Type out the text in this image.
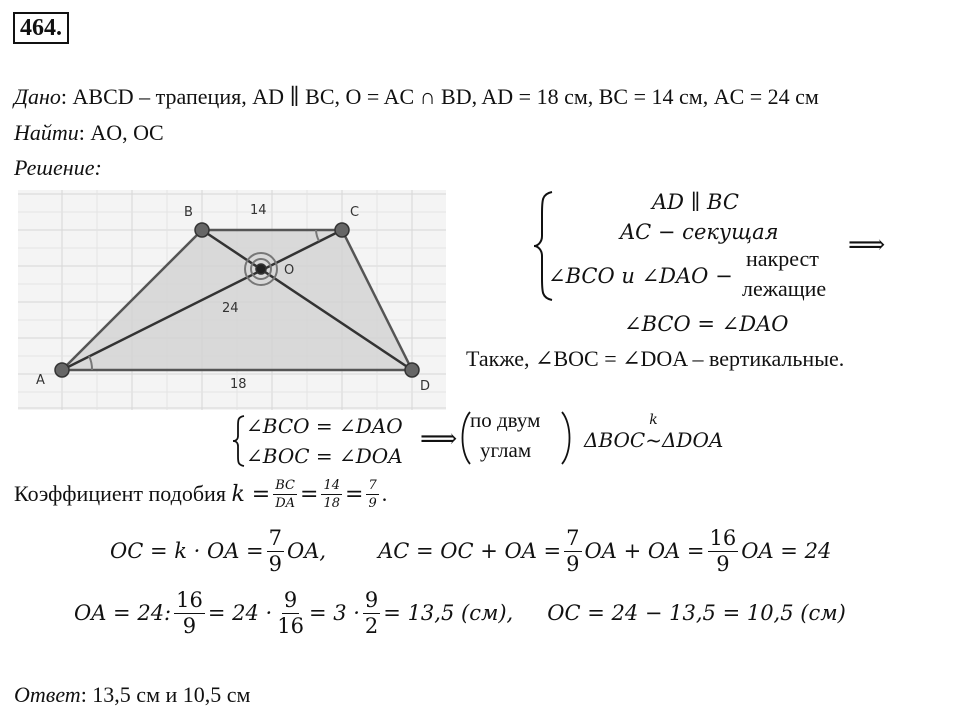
464.
Дано: ABCD – трапеция, AD ∥ BC, O = AC ∩ BD, AD = 18 см, BC = 14 см, AC = 24 см
Найти: AO, OC
Решение:
A
B	C
D
O
14
18
24
AD ∥ BC
AC − секущая
∠BCO и ∠DAO −
накрест
лежащие
⟹
∠BCO = ∠DAO
Также, ∠BOC = ∠DOA – вертикальные.
∠BCO = ∠DAO
∠BOC = ∠DOA
⟹
по двум
углам	ΔBOC
k
~ΔDOA
Коэффициент подобия
$k = \frac{BC}{DA} = \frac{14}{18} = \frac{7}{9}$ .
OC = k · OA = $\frac{7}{9}$ OA, AC = OC + OA = $\frac{7}{9}$ OA + OA = $\frac{16}{9}$ OA = 24
OA = 24: $\frac{16}{9} = 24 \cdot \frac{9}{16} = 3 \cdot \frac{9}{2} = 13,5$ (см), OC = 24 − 13,5 = 10,5 (см)
Ответ: 13,5 см и 10,5 см
